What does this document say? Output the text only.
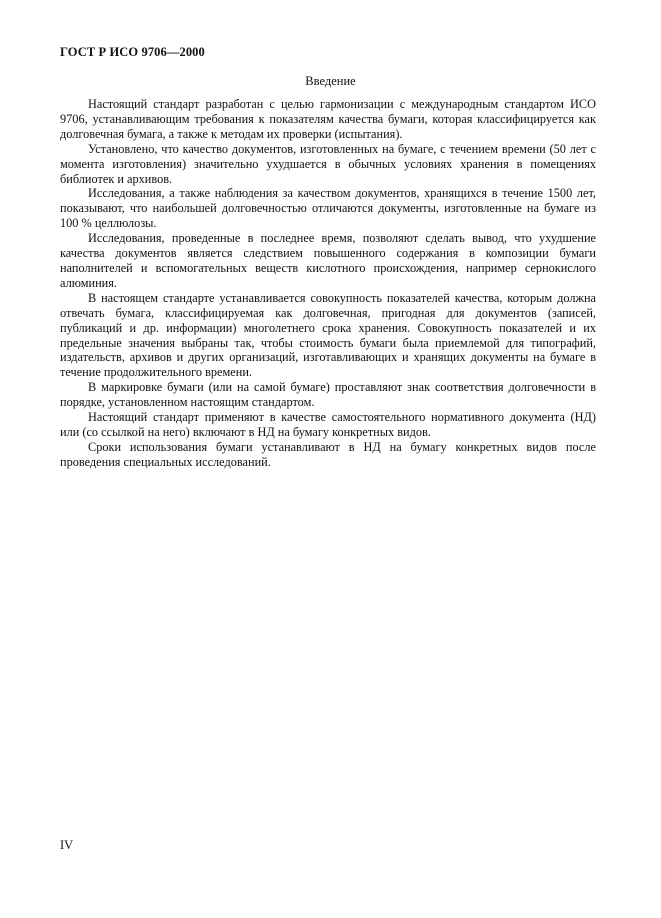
ГОСТ Р ИСО 9706—2000
Введение

Настоящий стандарт разработан с целью гармонизации с международным стандартом ИСО 9706, устанавливающим требования к показателям качества бумаги, которая классифицируется как долговечная бумага, а также к методам их проверки (испытания).

Установлено, что качество документов, изготовленных на бумаге, с течением времени (50 лет с момента изготовления) значительно ухудшается в обычных условиях хранения в помещениях библиотек и архивов.

Исследования, а также наблюдения за качеством документов, хранящихся в течение 1500 лет, показывают, что наибольшей долговечностью отличаются документы, изготовленные на бумаге из 100 % целлюлозы.

Исследования, проведенные в последнее время, позволяют сделать вывод, что ухудшение качества документов является следствием повышенного содержания в композиции бумаги наполнителей и вспомогательных веществ кислотного происхождения, например сернокислого алюминия.

В настоящем стандарте устанавливается совокупность показателей качества, которым должна отвечать бумага, классифицируемая как долговечная, пригодная для документов (записей, публикаций и др. информации) многолетнего срока хранения. Совокупность показателей и их предельные значения выбраны так, чтобы стоимость бумаги была приемлемой для типографий, издательств, архивов и других организаций, изготавливающих и хранящих документы на бумаге в течение продолжительного времени.

В маркировке бумаги (или на самой бумаге) проставляют знак соответствия долговечности в порядке, установленном настоящим стандартом.

Настоящий стандарт применяют в качестве самостоятельного нормативного документа (НД) или (со ссылкой на него) включают в НД на бумагу конкретных видов.

Сроки использования бумаги устанавливают в НД на бумагу конкретных видов после проведения специальных исследований.

IV
